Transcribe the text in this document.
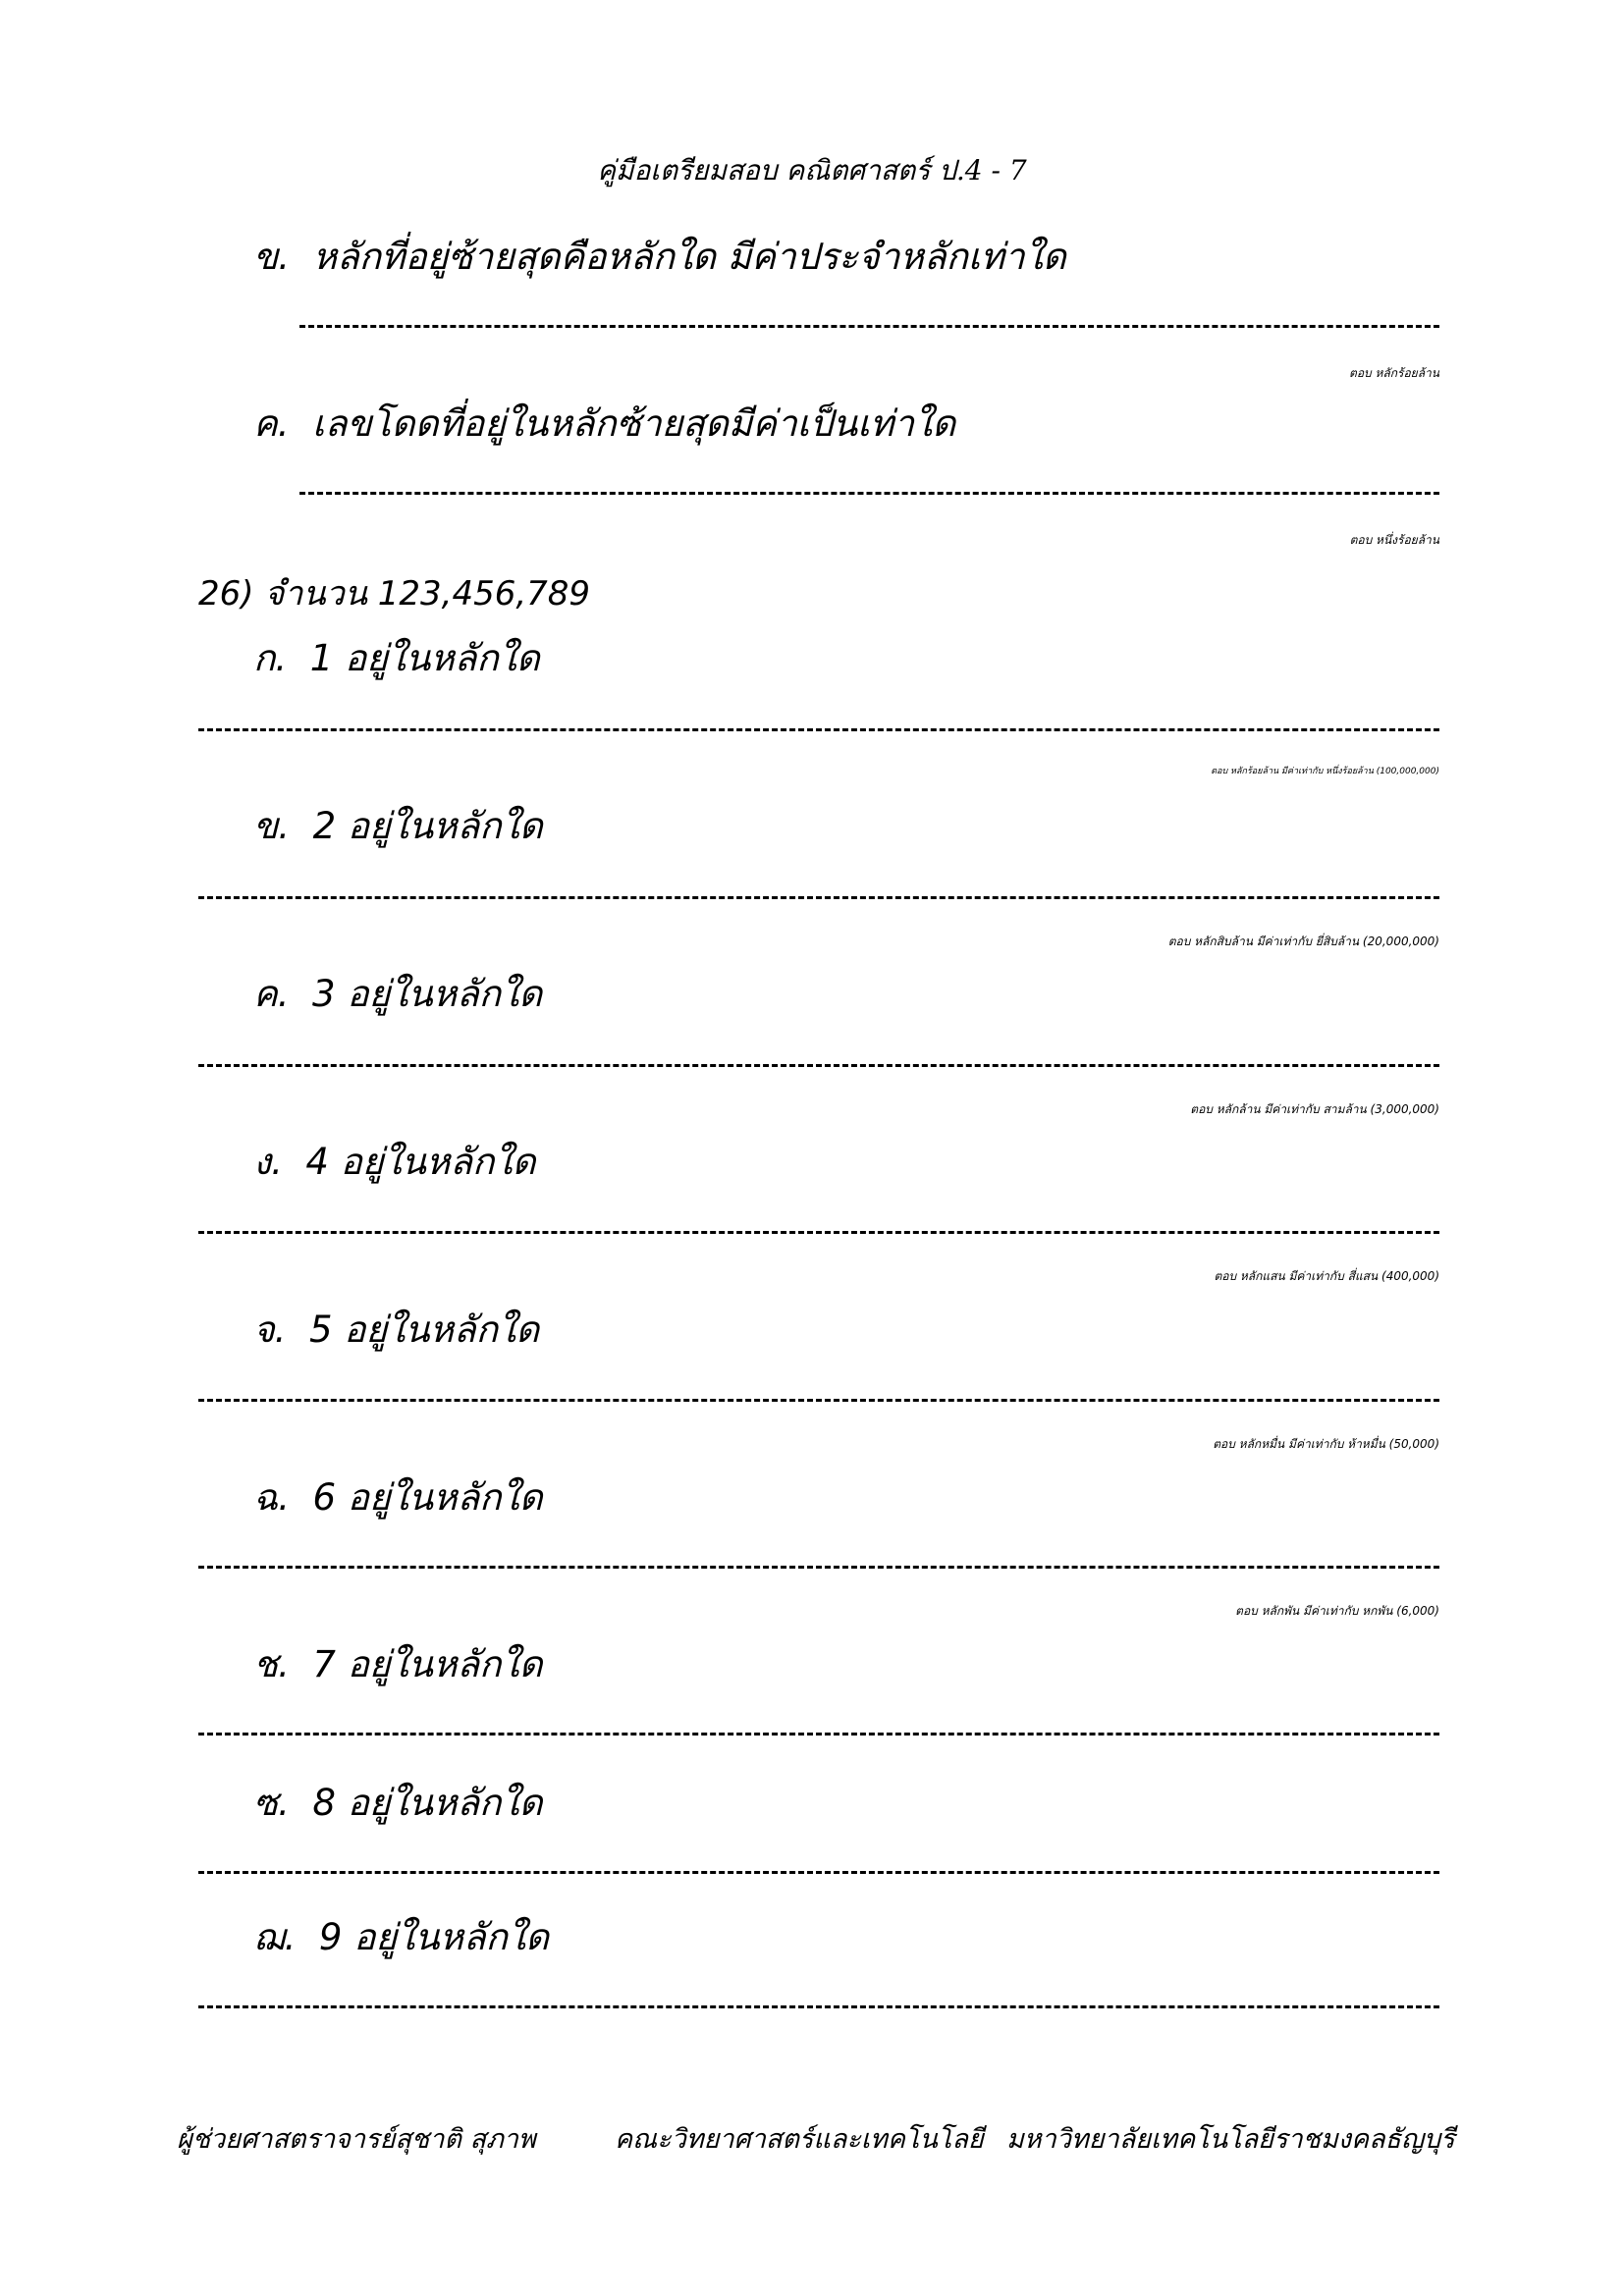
คู่มือเตรียมสอบ คณิตศาสตร์ ป.4 - 7
ข. หลักที่อยู่ซ้ายสุดคือหลักใด มีค่าประจำหลักเท่าใด
ตอบ หลักร้อยล้าน
ค. เลขโดดที่อยู่ในหลักซ้ายสุดมีค่าเป็นเท่าใด
ตอบ หนึ่งร้อยล้าน
26) จำนวน 123,456,789
ก. 1 อยู่ในหลักใด
ตอบ หลักร้อยล้าน มีค่าเท่ากับ หนึ่งร้อยล้าน (100,000,000)
ข. 2 อยู่ในหลักใด
ตอบ หลักสิบล้าน มีค่าเท่ากับ ยี่สิบล้าน (20,000,000)
ค. 3 อยู่ในหลักใด
ตอบ หลักล้าน มีค่าเท่ากับ สามล้าน (3,000,000)
ง. 4 อยู่ในหลักใด
ตอบ หลักแสน มีค่าเท่ากับ สี่แสน (400,000)
จ. 5 อยู่ในหลักใด
ตอบ หลักหมื่น มีค่าเท่ากับ ห้าหมื่น (50,000)
ฉ. 6 อยู่ในหลักใด
ตอบ หลักพัน มีค่าเท่ากับ หกพัน (6,000)
ช. 7 อยู่ในหลักใด
ซ. 8 อยู่ในหลักใด
ฌ. 9 อยู่ในหลักใด
ผู้ช่วยศาสตราจารย์สุชาติ สุภาพ	คณะวิทยาศาสตร์และเทคโนโลยี มหาวิทยาลัยเทคโนโลยีราชมงคลธัญบุรี
